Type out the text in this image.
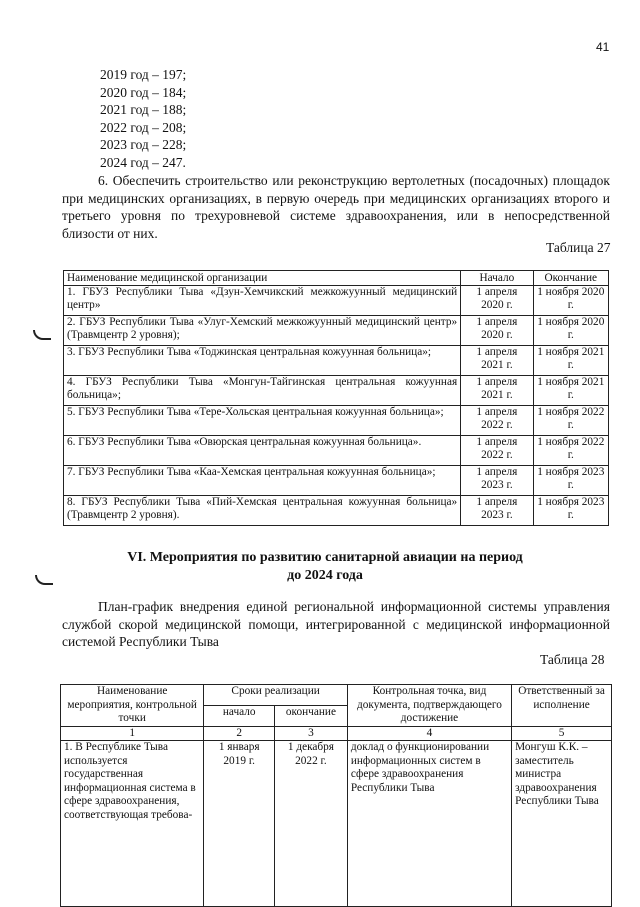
41
2019 год – 197;
2020 год – 184;
2021 год – 188;
2022 год – 208;
2023 год – 228;
2024 год – 247.
6. Обеспечить строительство или реконструкцию вертолетных (посадочных) площадок при медицинских организациях, в первую очередь при медицинских организациях второго и третьего уровня по трехуровневой системе здравоохранения, или в непосредственной близости от них.
Таблица 27
Наименование медицинской организации	Начало	Окончание
1. ГБУЗ Республики Тыва «Дзун-Хемчикский межкожуунный медицинский центр»	1 апреля 2020 г.	1 ноября 2020 г.
2. ГБУЗ Республики Тыва «Улуг-Хемский межкожуунный медицинский центр» (Травмцентр 2 уровня);	1 апреля 2020 г.	1 ноября 2020 г.
3. ГБУЗ Республики Тыва «Тоджинская центральная кожуунная больница»;	1 апреля 2021 г.	1 ноября 2021 г.
4. ГБУЗ Республики Тыва «Монгун-Тайгинская центральная кожуунная больница»;	1 апреля 2021 г.	1 ноября 2021 г.
5. ГБУЗ Республики Тыва «Тере-Хольская центральная кожуунная больница»;	1 апреля 2022 г.	1 ноября 2022 г.
6. ГБУЗ Республики Тыва «Овюрская центральная кожуунная больница».	1 апреля 2022 г.	1 ноября 2022 г.
7. ГБУЗ Республики Тыва «Каа-Хемская центральная кожуунная больница»;	1 апреля 2023 г.	1 ноября 2023 г.
8. ГБУЗ Республики Тыва «Пий-Хемская центральная кожуунная больница» (Травмцентр 2 уровня).	1 апреля 2023 г.	1 ноября 2023 г.
VI. Мероприятия по развитию санитарной авиации на период до 2024 года
План-график внедрения единой региональной информационной системы управления службой скорой медицинской помощи, интегрированной с медицинской информационной системой Республики Тыва
Таблица 28
Наименование мероприятия, контрольной точки	Сроки реализации		Контрольная точка, вид документа, подтверждающего достижение	Ответственный за исполнение
	начало	окончание		
1	2	3	4	5
1. В Республике Тыва используется государственная информационная система в сфере здравоохранения, соответствующая требова-	1 января 2019 г.	1 декабря 2022 г.	доклад о функционировании информационных систем в сфере здравоохранения Республики Тыва	Монгуш К.К. – заместитель министра здравоохранения Республики Тыва
